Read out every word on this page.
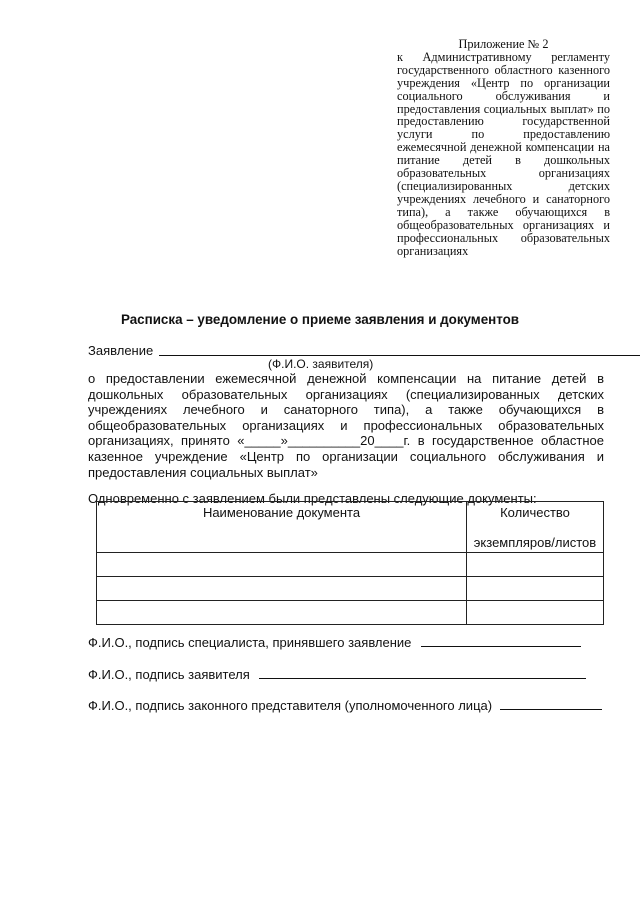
Приложение № 2
к Административному регламенту государственного областного казенного учреждения «Центр по организации социального обслуживания и предоставления социальных выплат» по предоставлению государственной услуги по предоставлению ежемесячной денежной компенсации на питание детей в дошкольных образовательных организациях (специализированных детских учреждениях лечебного и санаторного типа), а также обучающихся в общеобразовательных организациях и профессиональных образовательных организациях
Расписка – уведомление о приеме заявления и документов
Заявление
(Ф.И.О. заявителя)
о предоставлении ежемесячной денежной компенсации на питание детей в дошкольных образовательных организациях (специализированных детских учреждениях лечебного и санаторного типа), а также обучающихся в общеобразовательных организациях и профессиональных образовательных организациях, принято «_____»__________20____г. в государственное областное казенное учреждение «Центр по организации социального обслуживания и предоставления социальных выплат»
Одновременно с заявлением были представлены следующие документы:
Наименование документа	Количество
экземпляров/листов

Ф.И.О., подпись специалиста, принявшего заявление
Ф.И.О., подпись заявителя
Ф.И.О., подпись законного представителя (уполномоченного лица)
